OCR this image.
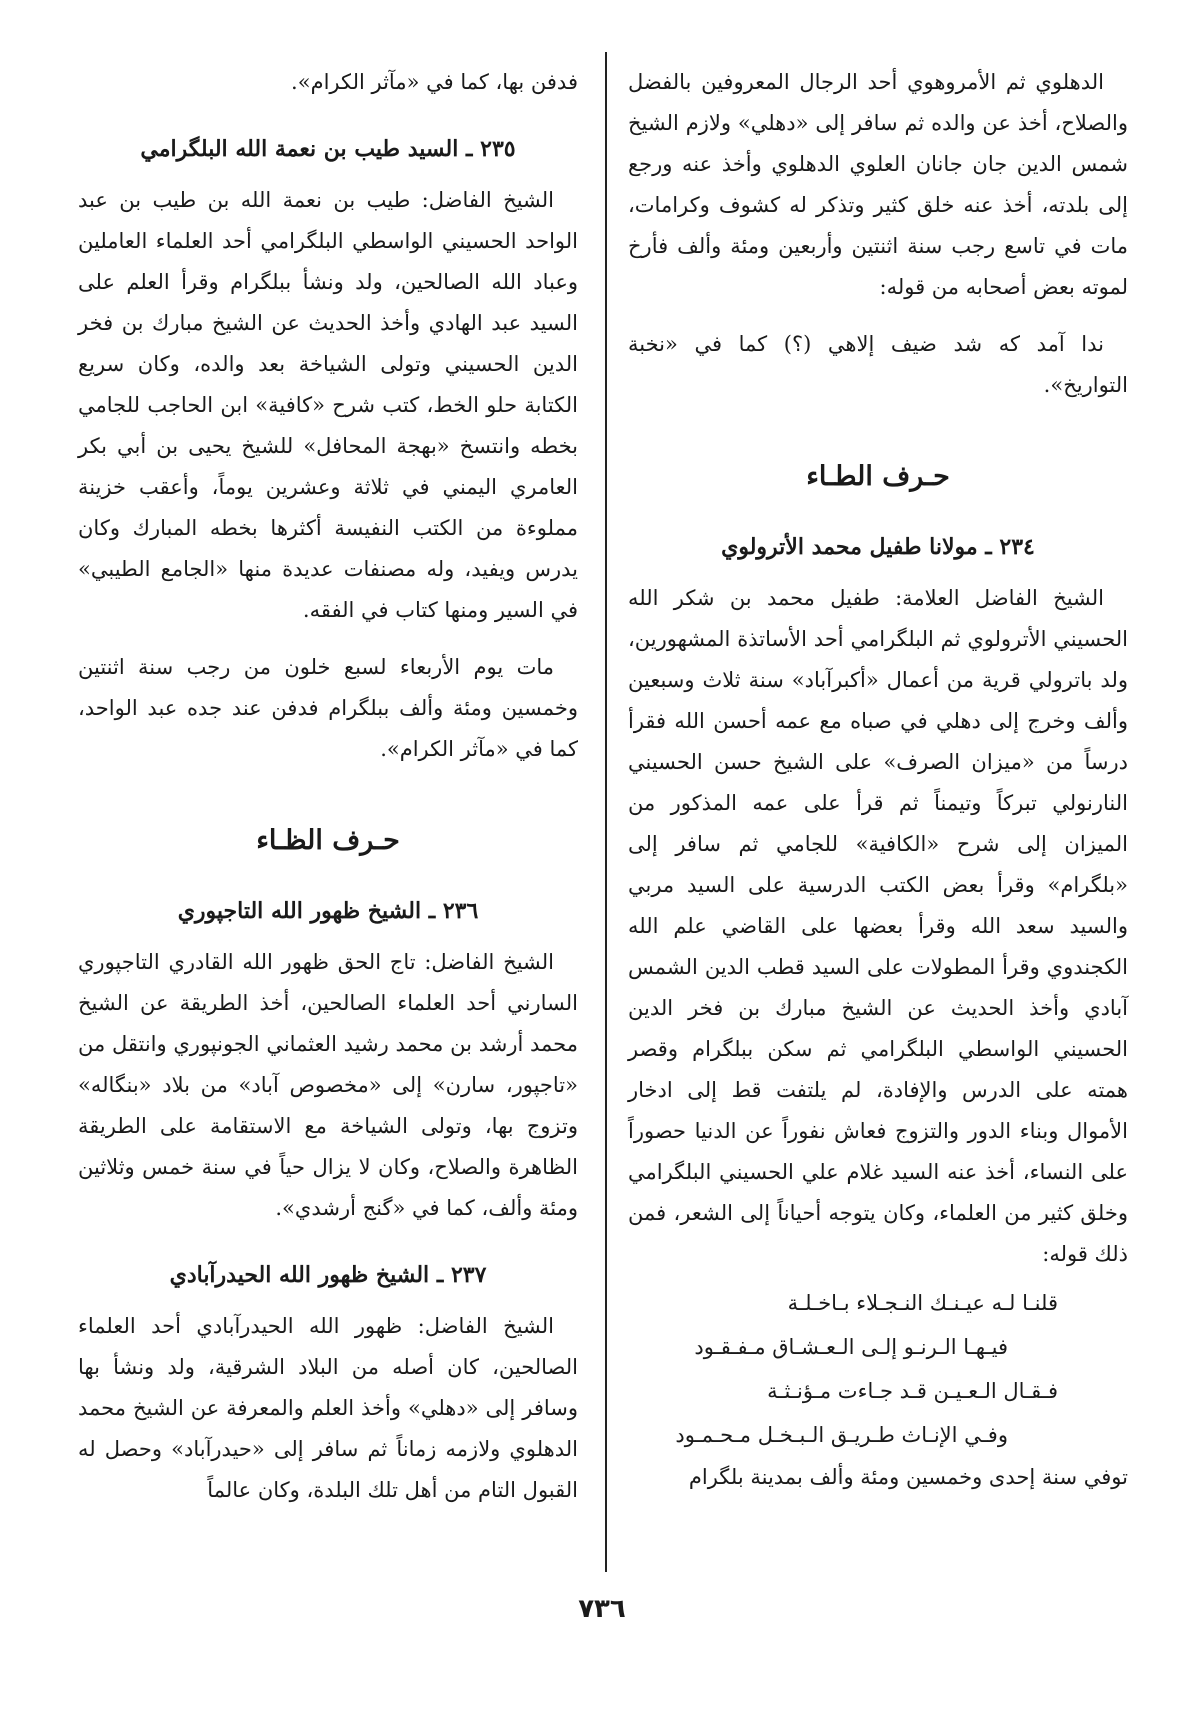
الدهلوي ثم الأمروهوي أحد الرجال المعروفين بالفضل والصلاح، أخذ عن والده ثم سافر إلى «دهلي» ولازم الشيخ شمس الدين جان جانان العلوي الدهلوي وأخذ عنه ورجع إلى بلدته، أخذ عنه خلق كثير وتذكر له كشوف وكرامات، مات في تاسع رجب سنة اثنتين وأربعين ومئة وألف فأرخ لموته بعض أصحابه من قوله:

ندا آمد كه شد ضيف إلاهي (؟) كما في «نخبة التواريخ».

حـرف الطـاء
٢٣٤ ـ مولانا طفيل محمد الأترولوي

الشيخ الفاضل العلامة: طفيل محمد بن شكر الله الحسيني الأترولوي ثم البلگرامي أحد الأساتذة المشهورين، ولد باترولي قرية من أعمال «أكبرآباد» سنة ثلاث وسبعين وألف وخرج إلى دهلي في صباه مع عمه أحسن الله فقرأ درساً من «ميزان الصرف» على الشيخ حسن الحسيني النارنولي تبركاً وتيمناً ثم قرأ على عمه المذكور من الميزان إلى شرح «الكافية» للجامي ثم سافر إلى «بلگرام» وقرأ بعض الكتب الدرسية على السيد مربي والسيد سعد الله وقرأ بعضها على القاضي علم الله الكجندوي وقرأ المطولات على السيد قطب الدين الشمس آبادي وأخذ الحديث عن الشيخ مبارك بن فخر الدين الحسيني الواسطي البلگرامي ثم سكن ببلگرام وقصر همته على الدرس والإفادة، لم يلتفت قط إلى ادخار الأموال وبناء الدور والتزوج فعاش نفوراً عن الدنيا حصوراً على النساء، أخذ عنه السيد غلام علي الحسيني البلگرامي وخلق كثير من العلماء، وكان يتوجه أحياناً إلى الشعر، فمن ذلك قوله:

قلنـا لـه عيـنـك النـجـلاء بـاخـلـة
فيـهـا الـرنـو إلـى الـعـشـاق مـفـقـود
فـقـال الـعـيـن قـد جـاءت مـؤنـثـة
وفـي الإنـاث طـريـق الـبـخـل مـحـمـود

توفي سنة إحدى وخمسين ومئة وألف بمدينة بلگرام

فدفن بها، كما في «مآثر الكرام».

٢٣٥ ـ السيد طيب بن نعمة الله البلگرامي

الشيخ الفاضل: طيب بن نعمة الله بن طيب بن عبد الواحد الحسيني الواسطي البلگرامي أحد العلماء العاملين وعباد الله الصالحين، ولد ونشأ ببلگرام وقرأ العلم على السيد عبد الهادي وأخذ الحديث عن الشيخ مبارك بن فخر الدين الحسيني وتولى الشياخة بعد والده، وكان سريع الكتابة حلو الخط، كتب شرح «كافية» ابن الحاجب للجامي بخطه وانتسخ «بهجة المحافل» للشيخ يحيى بن أبي بكر العامري اليمني في ثلاثة وعشرين يوماً، وأعقب خزينة مملوءة من الكتب النفيسة أكثرها بخطه المبارك وكان يدرس ويفيد، وله مصنفات عديدة منها «الجامع الطيبي» في السير ومنها كتاب في الفقه.

مات يوم الأربعاء لسبع خلون من رجب سنة اثنتين وخمسين ومئة وألف ببلگرام فدفن عند جده عبد الواحد، كما في «مآثر الكرام».

حـرف الظـاء
٢٣٦ ـ الشيخ ظهور الله التاجپوري

الشيخ الفاضل: تاج الحق ظهور الله القادري التاجپوري السارني أحد العلماء الصالحين، أخذ الطريقة عن الشيخ محمد أرشد بن محمد رشيد العثماني الجونپوري وانتقل من «تاجپور، سارن» إلى «مخصوص آباد» من بلاد «بنگاله» وتزوج بها، وتولى الشياخة مع الاستقامة على الطريقة الظاهرة والصلاح، وكان لا يزال حياً في سنة خمس وثلاثين ومئة وألف، كما في «گنج أرشدي».

٢٣٧ ـ الشيخ ظهور الله الحيدرآبادي

الشيخ الفاضل: ظهور الله الحيدرآبادي أحد العلماء الصالحين، كان أصله من البلاد الشرقية، ولد ونشأ بها وسافر إلى «دهلي» وأخذ العلم والمعرفة عن الشيخ محمد الدهلوي ولازمه زماناً ثم سافر إلى «حيدرآباد» وحصل له القبول التام من أهل تلك البلدة، وكان عالماً

٧٣٦
